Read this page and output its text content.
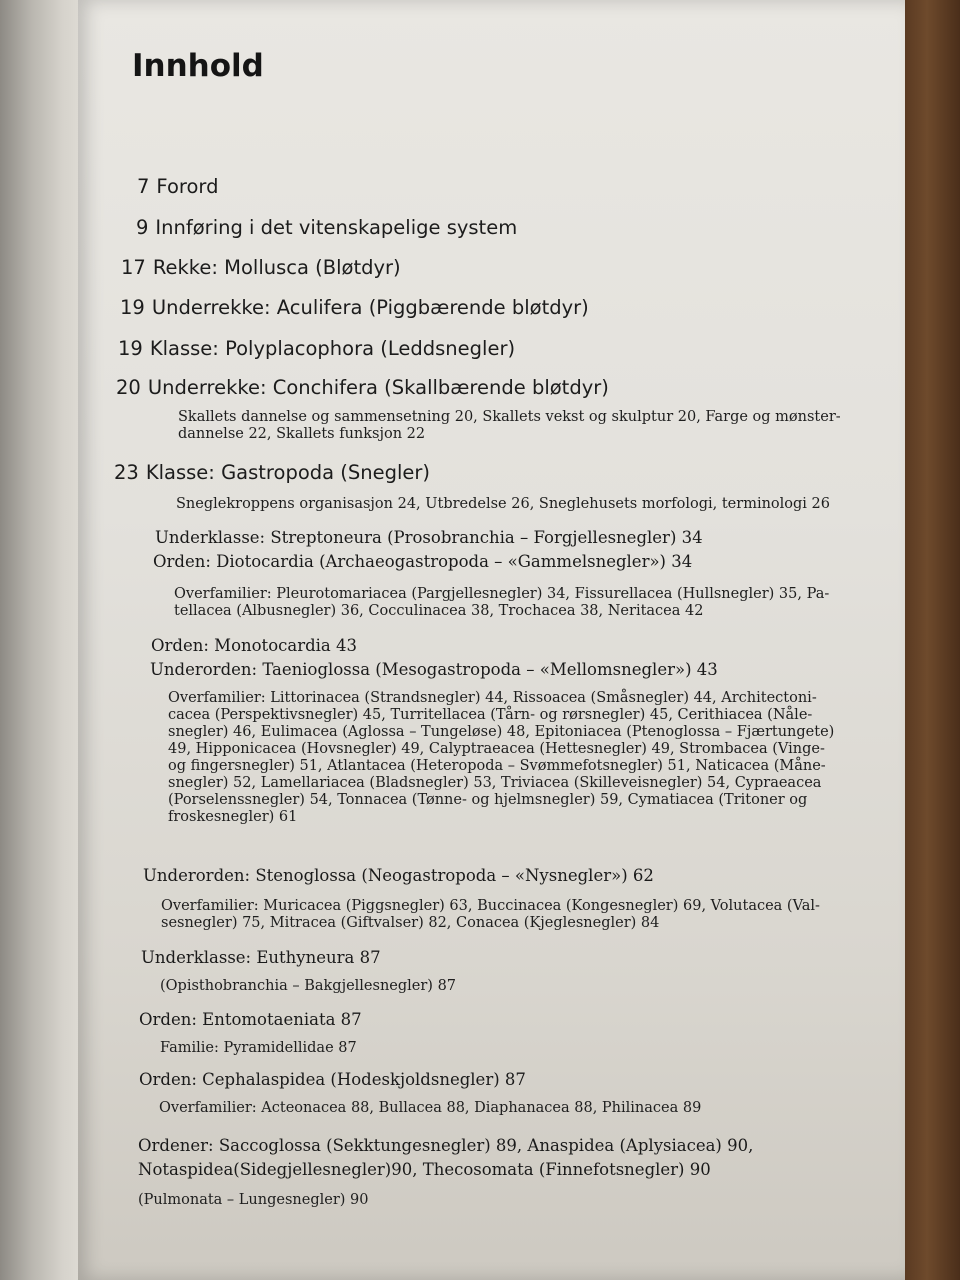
Innhold
7 Forord
9 Innføring i det vitenskapelige system
17 Rekke: Mollusca (Bløtdyr)
19 Underrekke: Aculifera (Piggbærende bløtdyr)
19 Klasse: Polyplacophora (Leddsnegler)
20 Underrekke: Conchifera (Skallbærende bløtdyr)
Skallets dannelse og sammensetning 20, Skallets vekst og skulptur 20, Farge og mønster-
dannelse 22, Skallets funksjon 22
23 Klasse: Gastropoda (Snegler)
Sneglekroppens organisasjon 24, Utbredelse 26, Sneglehusets morfologi, terminologi 26
Underklasse: Streptoneura (Prosobranchia – Forgjellesnegler) 34
Orden: Diotocardia (Archaeogastropoda – «Gammelsnegler») 34
Overfamilier: Pleurotomariacea (Pargjellesnegler) 34, Fissurellacea (Hullsnegler) 35, Pa-
tellacea (Albusnegler) 36, Cocculinacea 38, Trochacea 38, Neritacea 42
Orden: Monotocardia 43
Underorden: Taenioglossa (Mesogastropoda – «Mellomsnegler») 43
Overfamilier: Littorinacea (Strandsnegler) 44, Rissoacea (Småsnegler) 44, Architectoni-
cacea (Perspektivsnegler) 45, Turritellacea (Tårn- og rørsnegler) 45, Cerithiacea (Nåle-
snegler) 46, Eulimacea (Aglossa – Tungeløse) 48, Epitoniacea (Ptenoglossa – Fjærtungete)
49, Hipponicacea (Hovsnegler) 49, Calyptraeacea (Hettesnegler) 49, Strombacea (Vinge-
og fingersnegler) 51, Atlantacea (Heteropoda – Svømmefotsnegler) 51, Naticacea (Måne-
snegler) 52, Lamellariacea (Bladsnegler) 53, Triviacea (Skilleveisnegler) 54, Cypraeacea
(Porselenssnegler) 54, Tonnacea (Tønne- og hjelmsnegler) 59, Cymatiacea (Tritoner og
froskesnegler) 61
Underorden: Stenoglossa (Neogastropoda – «Nysnegler») 62
Overfamilier: Muricacea (Piggsnegler) 63, Buccinacea (Kongesnegler) 69, Volutacea (Val-
sesnegler) 75, Mitracea (Giftvalser) 82, Conacea (Kjeglesnegler) 84
Underklasse: Euthyneura 87
(Opisthobranchia – Bakgjellesnegler) 87
Orden: Entomotaeniata 87
Familie: Pyramidellidae 87
Orden: Cephalaspidea (Hodeskjoldsnegler) 87
Overfamilier: Acteonacea 88, Bullacea 88, Diaphanacea 88, Philinacea 89
Ordener: Saccoglossa (Sekktungesnegler) 89, Anaspidea (Aplysiacea) 90,
Notaspidea(Sidegjellesnegler)90, Thecosomata (Finnefotsnegler) 90
(Pulmonata – Lungesnegler) 90
